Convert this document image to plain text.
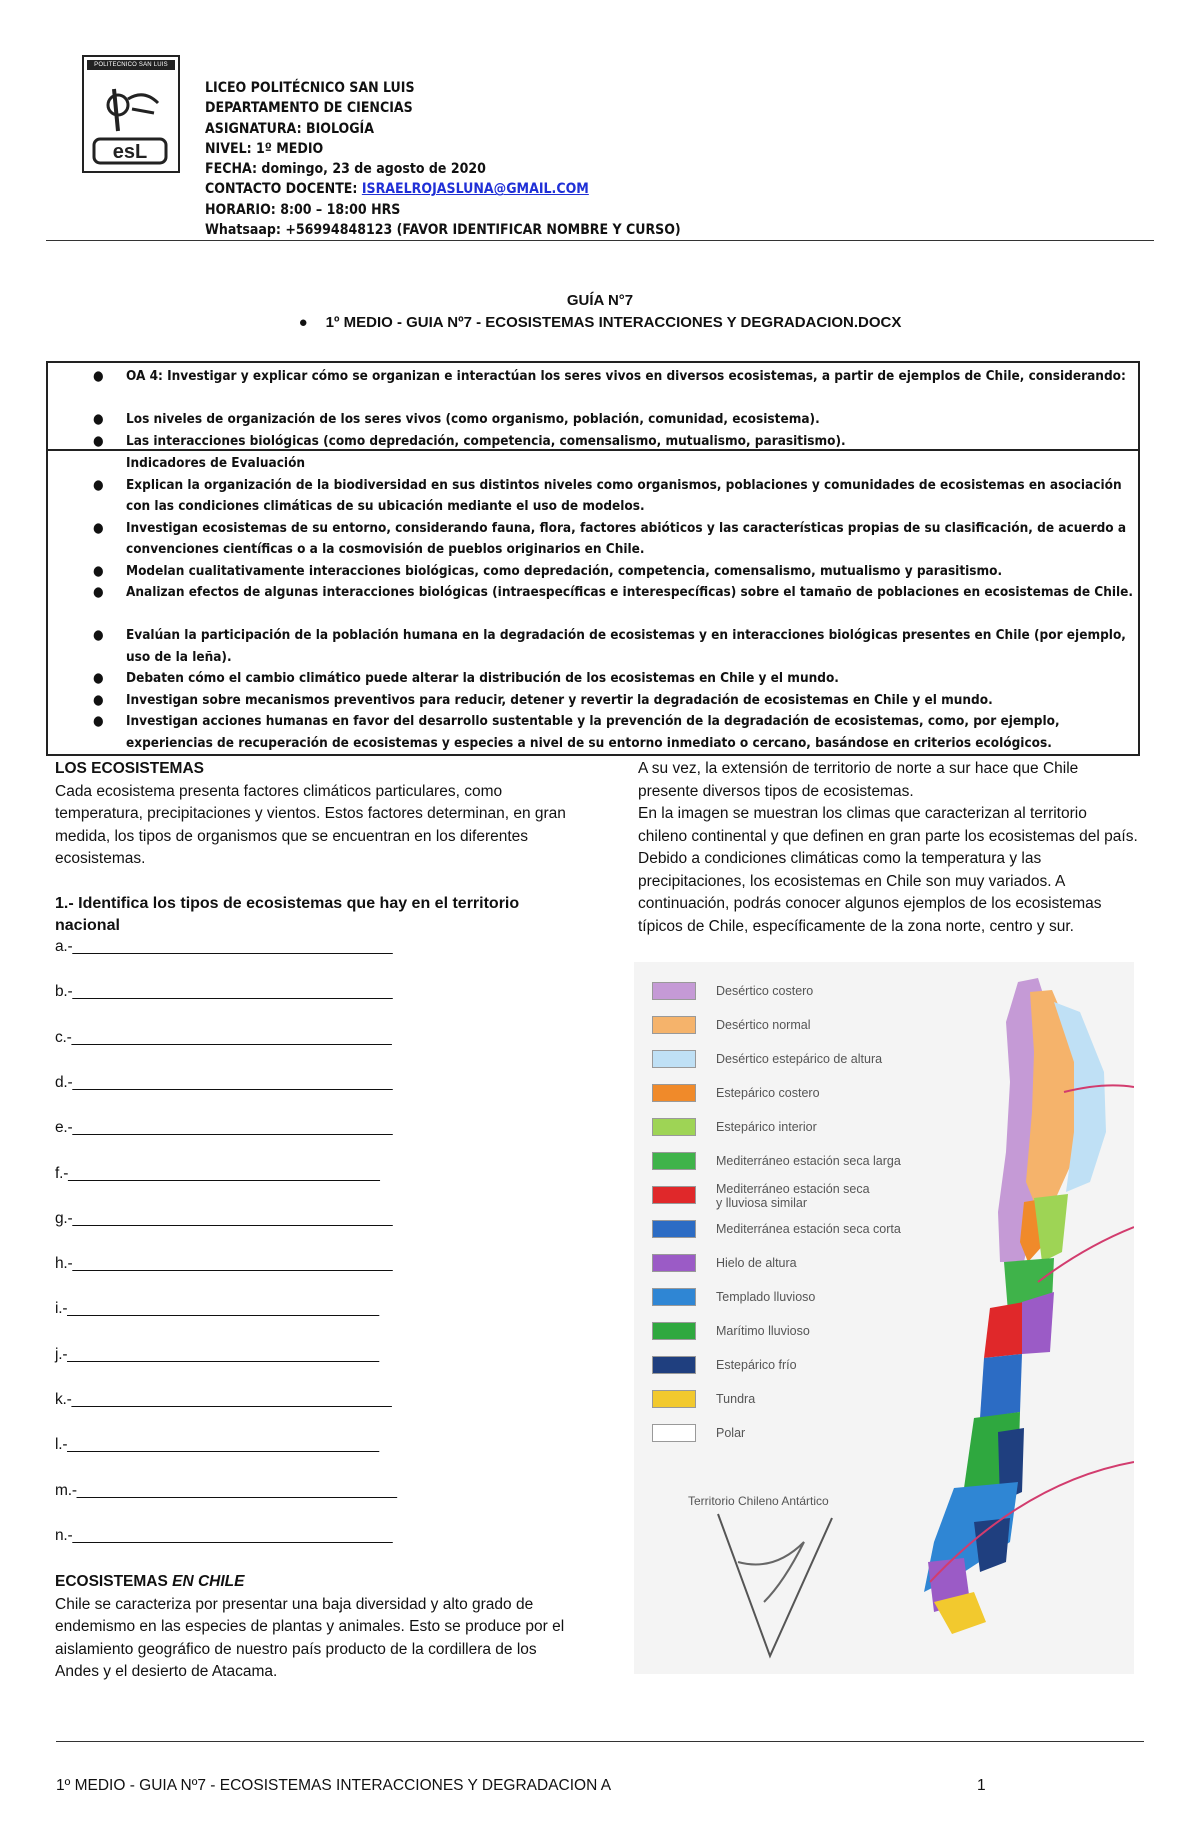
POLITECNICO SAN LUIS
esL
LICEO POLITÉCNICO SAN LUIS
DEPARTAMENTO DE CIENCIAS
ASIGNATURA: BIOLOGÍA
NIVEL: 1º MEDIO
FECHA: domingo, 23 de agosto de 2020
CONTACTO DOCENTE: ISRAELROJASLUNA@GMAIL.COM
HORARIO: 8:00 – 18:00 HRS
Whatsaap: +56994848123 (FAVOR IDENTIFICAR NOMBRE Y CURSO)
GUÍA N°7
● 1º MEDIO - GUIA Nº7 - ECOSISTEMAS INTERACCIONES Y DEGRADACION.DOCX
● OA 4: Investigar y explicar cómo se organizan e interactúan los seres vivos en diversos ecosistemas, a partir de ejemplos de Chile, considerando:
● Los niveles de organización de los seres vivos (como organismo, población, comunidad, ecosistema).
● Las interacciones biológicas (como depredación, competencia, comensalismo, mutualismo, parasitismo).
Indicadores de Evaluación
● Explican la organización de la biodiversidad en sus distintos niveles como organismos, poblaciones y comunidades de ecosistemas en asociación con las condiciones climáticas de su ubicación mediante el uso de modelos.
● Investigan ecosistemas de su entorno, considerando fauna, flora, factores abióticos y las características propias de su clasificación, de acuerdo a convenciones científicas o a la cosmovisión de pueblos originarios en Chile.
● Modelan cualitativamente interacciones biológicas, como depredación, competencia, comensalismo, mutualismo y parasitismo.
● Analizan efectos de algunas interacciones biológicas (intraespecíficas e interespecíficas) sobre el tamaño de poblaciones en ecosistemas de Chile.
● Evalúan la participación de la población humana en la degradación de ecosistemas y en interacciones biológicas presentes en Chile (por ejemplo, uso de la leña).
● Debaten cómo el cambio climático puede alterar la distribución de los ecosistemas en Chile y el mundo.
● Investigan sobre mecanismos preventivos para reducir, detener y revertir la degradación de ecosistemas en Chile y el mundo.
● Investigan acciones humanas en favor del desarrollo sustentable y la prevención de la degradación de ecosistemas, como, por ejemplo, experiencias de recuperación de ecosistemas y especies a nivel de su entorno inmediato o cercano, basándose en criterios ecológicos.
LOS ECOSISTEMAS
Cada ecosistema presenta factores climáticos particulares, como temperatura, precipitaciones y vientos. Estos factores determinan, en gran medida, los tipos de organismos que se encuentran en los diferentes ecosistemas.
1.- Identifica los tipos de ecosistemas que hay en el territorio nacional
a.-______________________________________
b.-______________________________________
c.-______________________________________
d.-______________________________________
e.-______________________________________
f.-_____________________________________
g.-______________________________________
h.-______________________________________
i.-_____________________________________
j.-_____________________________________
k.-______________________________________
l.-_____________________________________
m.-______________________________________
n.-______________________________________
ECOSISTEMAS EN CHILE
Chile se caracteriza por presentar una baja diversidad y alto grado de endemismo en las especies de plantas y animales. Esto se produce por el aislamiento geográfico de nuestro país producto de la cordillera de los Andes y el desierto de Atacama.
A su vez, la extensión de territorio de norte a sur hace que Chile presente diversos tipos de ecosistemas.
En la imagen se muestran los climas que caracterizan al territorio chileno continental y que definen en gran parte los ecosistemas del país.
Debido a condiciones climáticas como la temperatura y las precipitaciones, los ecosistemas en Chile son muy variados. A continuación, podrás conocer algunos ejemplos de los ecosistemas típicos de Chile, específicamente de la zona norte, centro y sur.
Desértico costero
Desértico normal
Desértico estepárico de altura
Estepárico costero
Estepárico interior
Mediterráneo estación seca larga
Mediterráneo estación seca
y lluviosa similar
Mediterránea estación seca corta
Hielo de altura
Templado lluvioso
Marítimo lluvioso
Estepárico frío
Tundra
Polar
Territorio Chileno Antártico
1º MEDIO - GUIA Nº7 - ECOSISTEMAS INTERACCIONES Y DEGRADACION A	1
